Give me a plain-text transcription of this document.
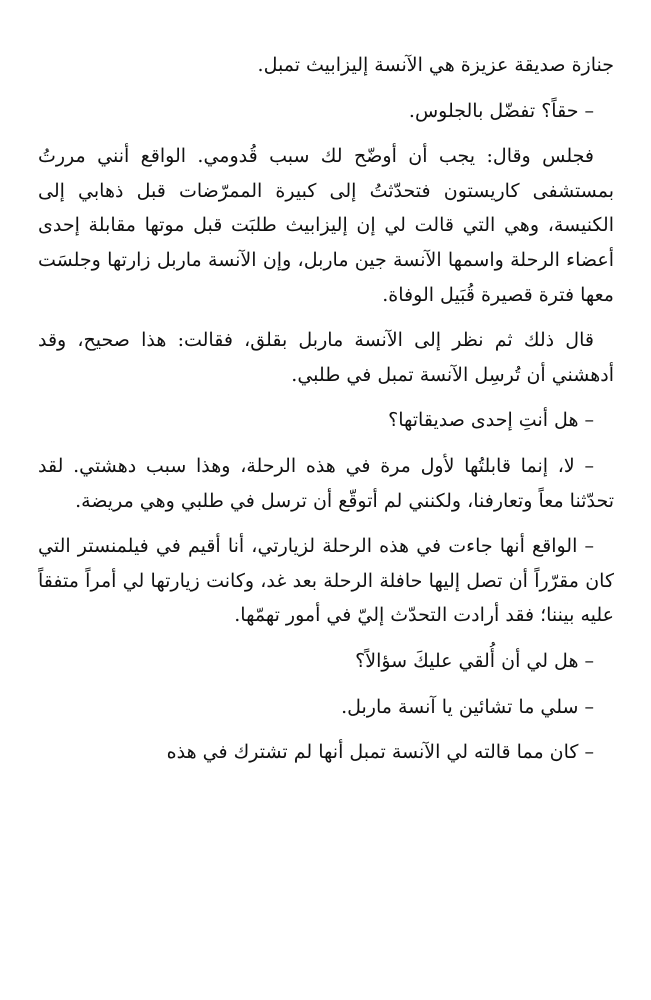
جنازة صديقة عزيزة هي الآنسة إليزابيث تمبل.

– حقاً؟ تفضّل بالجلوس.

فجلس وقال: يجب أن أوضّح لك سبب قُدومي. الواقع أنني مررتُ بمستشفى كاريستون فتحدّثتُ إلى كبيرة الممرّضات قبل ذهابي إلى الكنيسة، وهي التي قالت لي إن إليزابيث طلبَت قبل موتها مقابلة إحدى أعضاء الرحلة واسمها الآنسة جين ماربل، وإن الآنسة ماربل زارتها وجلسَت معها فترة قصيرة قُبَيل الوفاة.

قال ذلك ثم نظر إلى الآنسة ماربل بقلق، فقالت: هذا صحيح، وقد أدهشني أن تُرسِل الآنسة تمبل في طلبي.

– هل أنتِ إحدى صديقاتها؟

– لا، إنما قابلتُها لأول مرة في هذه الرحلة، وهذا سبب دهشتي. لقد تحدّثنا معاً وتعارفنا، ولكنني لم أتوقّع أن ترسل في طلبي وهي مريضة.

– الواقع أنها جاءت في هذه الرحلة لزيارتي، أنا أقيم في فيلمنستر التي كان مقرّراً أن تصل إليها حافلة الرحلة بعد غد، وكانت زيارتها لي أمراً متفقاً عليه بيننا؛ فقد أرادت التحدّث إليّ في أمور تهمّها.

– هل لي أن أُلقي عليكَ سؤالاً؟

– سلي ما تشائين يا آنسة ماربل.

– كان مما قالته لي الآنسة تمبل أنها لم تشترك في هذه
